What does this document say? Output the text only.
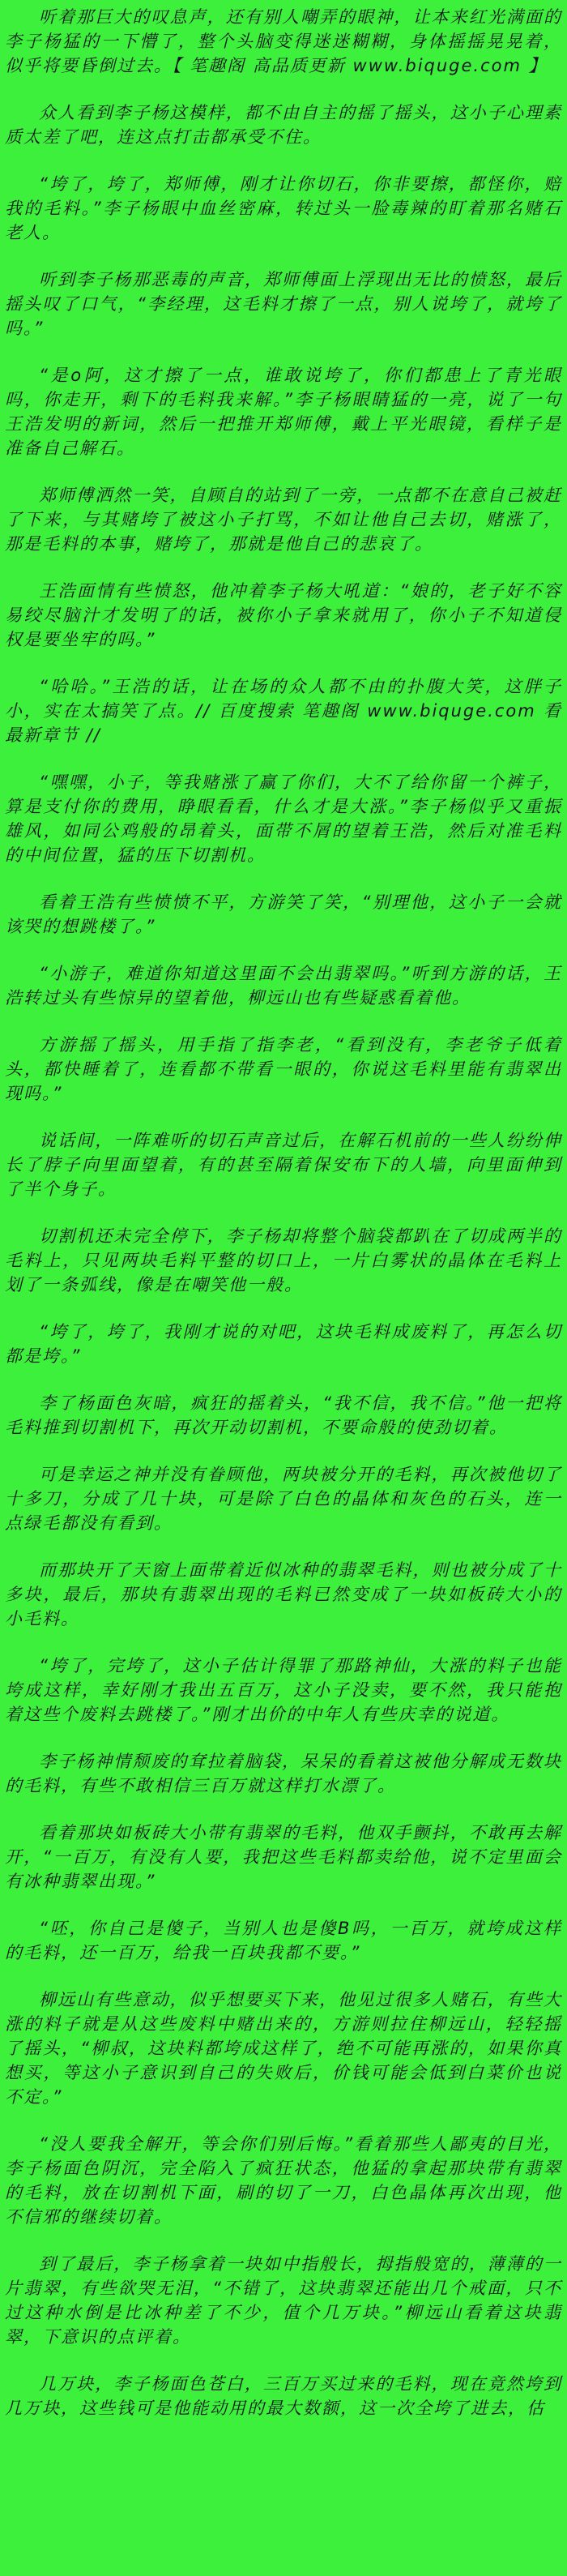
听着那巨大的叹息声，还有别人嘲弄的眼神，让本来红光满面的李子杨猛的一下懵了，整个头脑变得迷迷糊糊，身体摇摇晃晃着，似乎将要昏倒过去。【 笔趣阁 高品质更新 www.biquge.com 】

众人看到李子杨这模样，都不由自主的摇了摇头，这小子心理素质太差了吧，连这点打击都承受不住。

“垮了，垮了，郑师傅，刚才让你切石，你非要擦，都怪你，赔我的毛料。”李子杨眼中血丝密麻，转过头一脸毒辣的盯着那名赌石老人。

听到李子杨那恶毒的声音，郑师傅面上浮现出无比的愤怒，最后摇头叹了口气，“李经理，这毛料才擦了一点，别人说垮了，就垮了吗。”

“是o阿，这才擦了一点，谁敢说垮了，你们都患上了青光眼吗，你走开，剩下的毛料我来解。”李子杨眼睛猛的一亮，说了一句王浩发明的新词，然后一把推开郑师傅，戴上平光眼镜，看样子是准备自己解石。

郑师傅洒然一笑，自顾自的站到了一旁，一点都不在意自己被赶了下来，与其赌垮了被这小子打骂，不如让他自己去切，赌涨了，那是毛料的本事，赌垮了，那就是他自己的悲哀了。

王浩面情有些愤怒，他冲着李子杨大吼道：“娘的，老子好不容易绞尽脑汁才发明了的话，被你小子拿来就用了，你小子不知道侵权是要坐牢的吗。”

“哈哈。”王浩的话，让在场的众人都不由的扑腹大笑，这胖子小，实在太搞笑了点。// 百度搜索 笔趣阁 www.biquge.com 看最新章节 //

“嘿嘿，小子，等我赌涨了赢了你们，大不了给你留一个裤子，算是支付你的费用，睁眼看看，什么才是大涨。”李子杨似乎又重振雄风，如同公鸡般的昂着头，面带不屑的望着王浩，然后对准毛料的中间位置，猛的压下切割机。

看着王浩有些愤愤不平，方游笑了笑，“别理他，这小子一会就该哭的想跳楼了。”

“小游子，难道你知道这里面不会出翡翠吗。”听到方游的话，王浩转过头有些惊异的望着他，柳远山也有些疑惑看着他。

方游摇了摇头，用手指了指李老，“看到没有，李老爷子低着头，都快睡着了，连看都不带看一眼的，你说这毛料里能有翡翠出现吗。”

说话间，一阵难听的切石声音过后，在解石机前的一些人纷纷伸长了脖子向里面望着，有的甚至隔着保安布下的人墙，向里面伸到了半个身子。

切割机还未完全停下，李子杨却将整个脑袋都趴在了切成两半的毛料上，只见两块毛料平整的切口上，一片白雾状的晶体在毛料上划了一条弧线，像是在嘲笑他一般。

“垮了，垮了，我刚才说的对吧，这块毛料成废料了，再怎么切都是垮。”

李了杨面色灰暗，疯狂的摇着头，“我不信，我不信。”他一把将毛料推到切割机下，再次开动切割机，不要命般的使劲切着。

可是幸运之神并没有眷顾他，两块被分开的毛料，再次被他切了十多刀，分成了几十块，可是除了白色的晶体和灰色的石头，连一点绿毛都没有看到。

而那块开了天窗上面带着近似冰种的翡翠毛料，则也被分成了十多块，最后，那块有翡翠出现的毛料已然变成了一块如板砖大小的小毛料。

“垮了，完垮了，这小子估计得罪了那路神仙，大涨的料子也能垮成这样，幸好刚才我出五百万，这小子没卖，要不然，我只能抱着这些个废料去跳楼了。”刚才出价的中年人有些庆幸的说道。

李子杨神情颓废的耷拉着脑袋，呆呆的看着这被他分解成无数块的毛料，有些不敢相信三百万就这样打水漂了。

看着那块如板砖大小带有翡翠的毛料，他双手颤抖，不敢再去解开，“一百万，有没有人要，我把这些毛料都卖给他，说不定里面会有冰种翡翠出现。”

“呸，你自己是傻子，当别人也是傻B吗，一百万，就垮成这样的毛料，还一百万，给我一百块我都不要。”

柳远山有些意动，似乎想要买下来，他见过很多人赌石，有些大涨的料子就是从这些废料中赌出来的，方游则拉住柳远山，轻轻摇了摇头，“柳叔，这块料都垮成这样了，绝不可能再涨的，如果你真想买，等这小子意识到自己的失败后，价钱可能会低到白菜价也说不定。”

“没人要我全解开，等会你们别后悔。”看着那些人鄙夷的目光，李子杨面色阴沉，完全陷入了疯狂状态，他猛的拿起那块带有翡翠的毛料，放在切割机下面，刷的切了一刀，白色晶体再次出现，他不信邪的继续切着。

到了最后，李子杨拿着一块如中指般长，拇指般宽的，薄薄的一片翡翠，有些欲哭无泪，“不错了，这块翡翠还能出几个戒面，只不过这种水倒是比冰种差了不少，值个几万块。”柳远山看着这块翡翠，下意识的点评着。

几万块，李子杨面色苍白，三百万买过来的毛料，现在竟然垮到几万块，这些钱可是他能动用的最大数额，这一次全垮了进去，估
